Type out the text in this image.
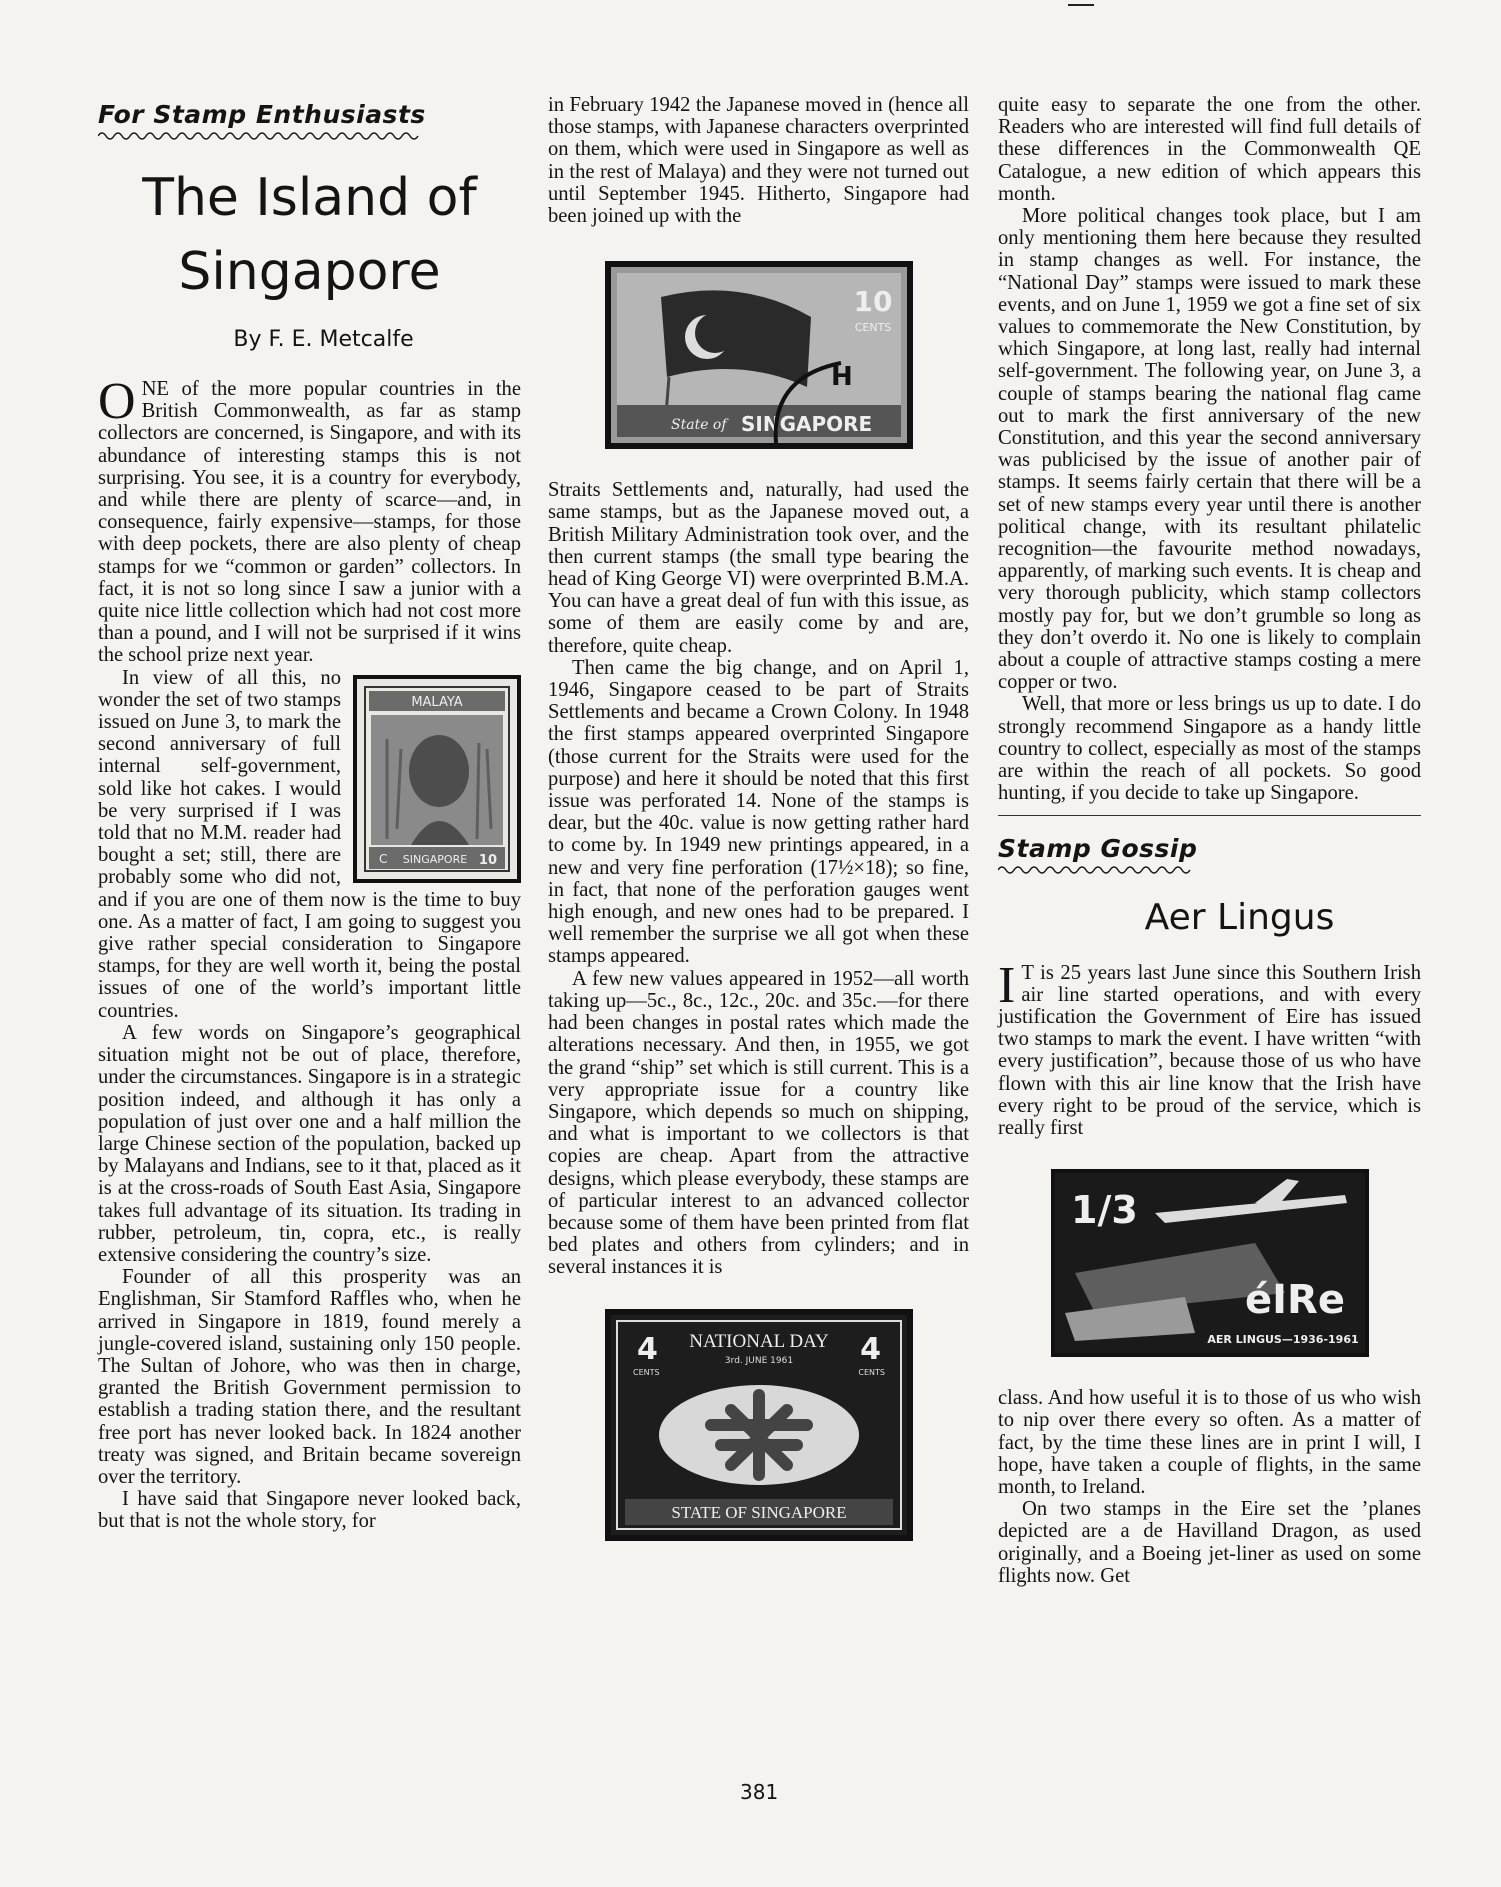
For Stamp Enthusiasts
The Island of
Singapore
By F. E. Metcalfe

ONE of the more popular countries in the British Commonwealth, as far as stamp collectors are concerned, is Singapore, and with its abundance of interesting stamps this is not surprising. You see, it is a country for everybody, and while there are plenty of scarce—and, in consequence, fairly expensive—stamps, for those with deep pockets, there are also plenty of cheap stamps for we “common or garden” collectors. In fact, it is not so long since I saw a junior with a quite nice little collection which had not cost more than a pound, and I will not be surprised if it wins the school prize next year.

MALAYA
C SINGAPORE 10
In view of all this, no wonder the set of two stamps issued on June 3, to mark the second anniversary of full internal self-government, sold like hot cakes. I would be very surprised if I was told that no M.M. reader had bought a set; still, there are probably some who did not, and if you are one of them now is the time to buy one. As a matter of fact, I am going to suggest you give rather special consideration to Singapore stamps, for they are well worth it, being the postal issues of one of the world’s important little countries.

A few words on Singapore’s geographical situation might not be out of place, therefore, under the circumstances. Singapore is in a strategic position indeed, and although it has only a population of just over one and a half million the large Chinese section of the population, backed up by Malayans and Indians, see to it that, placed as it is at the cross-roads of South East Asia, Singapore takes full advantage of its situation. Its trading in rubber, petroleum, tin, copra, etc., is really extensive considering the country’s size.

Founder of all this prosperity was an Englishman, Sir Stamford Raffles who, when he arrived in Singapore in 1819, found merely a jungle-covered island, sustaining only 150 people. The Sultan of Johore, who was then in charge, granted the British Government permission to establish a trading station there, and the resultant free port has never looked back. In 1824 another treaty was signed, and Britain became sovereign over the territory.

I have said that Singapore never looked back, but that is not the whole story, for

in February 1942 the Japanese moved in (hence all those stamps, with Japanese characters overprinted on them, which were used in Singapore as well as in the rest of Malaya) and they were not turned out until September 1945. Hitherto, Singapore had been joined up with the

10
CENTS
State of SINGAPORE
H

Straits Settlements and, naturally, had used the same stamps, but as the Japanese moved out, a British Military Administration took over, and the then current stamps (the small type bearing the head of King George VI) were overprinted B.M.A. You can have a great deal of fun with this issue, as some of them are easily come by and are, therefore, quite cheap.

Then came the big change, and on April 1, 1946, Singapore ceased to be part of Straits Settlements and became a Crown Colony. In 1948 the first stamps appeared overprinted Singapore (those current for the Straits were used for the purpose) and here it should be noted that this first issue was perforated 14. None of the stamps is dear, but the 40c. value is now getting rather hard to come by. In 1949 new printings appeared, in a new and very fine perforation (17½×18); so fine, in fact, that none of the perforation gauges went high enough, and new ones had to be prepared. I well remember the surprise we all got when these stamps appeared.

A few new values appeared in 1952—all worth taking up—5c., 8c., 12c., 20c. and 35c.—for there had been changes in postal rates which made the alterations necessary. And then, in 1955, we got the grand “ship” set which is still current. This is a very appropriate issue for a country like Singapore, which depends so much on shipping, and what is important to we collectors is that copies are cheap. Apart from the attractive designs, which please everybody, these stamps are of particular interest to an advanced collector because some of them have been printed from flat bed plates and others from cylinders; and in several instances it is

4	4
NATIONAL DAY
3rd. JUNE 1961
CENTS	CENTS
STATE OF SINGAPORE

quite easy to separate the one from the other. Readers who are interested will find full details of these differences in the Commonwealth QE Catalogue, a new edition of which appears this month.

More political changes took place, but I am only mentioning them here because they resulted in stamp changes as well. For instance, the “National Day” stamps were issued to mark these events, and on June 1, 1959 we got a fine set of six values to commemorate the New Constitution, by which Singapore, at long last, really had internal self-government. The following year, on June 3, a couple of stamps bearing the national flag came out to mark the first anniversary of the new Constitution, and this year the second anniversary was publicised by the issue of another pair of stamps. It seems fairly certain that there will be a set of new stamps every year until there is another political change, with its resultant philatelic recognition—the favourite method nowadays, apparently, of marking such events. It is cheap and very thorough publicity, which stamp collectors mostly pay for, but we don’t grumble so long as they don’t overdo it. No one is likely to complain about a couple of attractive stamps costing a mere copper or two.

Well, that more or less brings us up to date. I do strongly recommend Singapore as a handy little country to collect, especially as most of the stamps are within the reach of all pockets. So good hunting, if you decide to take up Singapore.

Stamp Gossip
Aer Lingus

I T is 25 years last June since this Southern Irish air line started operations, and with every justification the Government of Eire has issued two stamps to mark the event. I have written “with every justification”, because those of us who have flown with this air line know that the Irish have every right to be proud of the service, which is really first

1/3
éIRe
AER LINGUS—1936-1961

class. And how useful it is to those of us who wish to nip over there every so often. As a matter of fact, by the time these lines are in print I will, I hope, have taken a couple of flights, in the same month, to Ireland.

On two stamps in the Eire set the ’planes depicted are a de Havilland Dragon, as used originally, and a Boeing jet-liner as used on some flights now. Get

381
